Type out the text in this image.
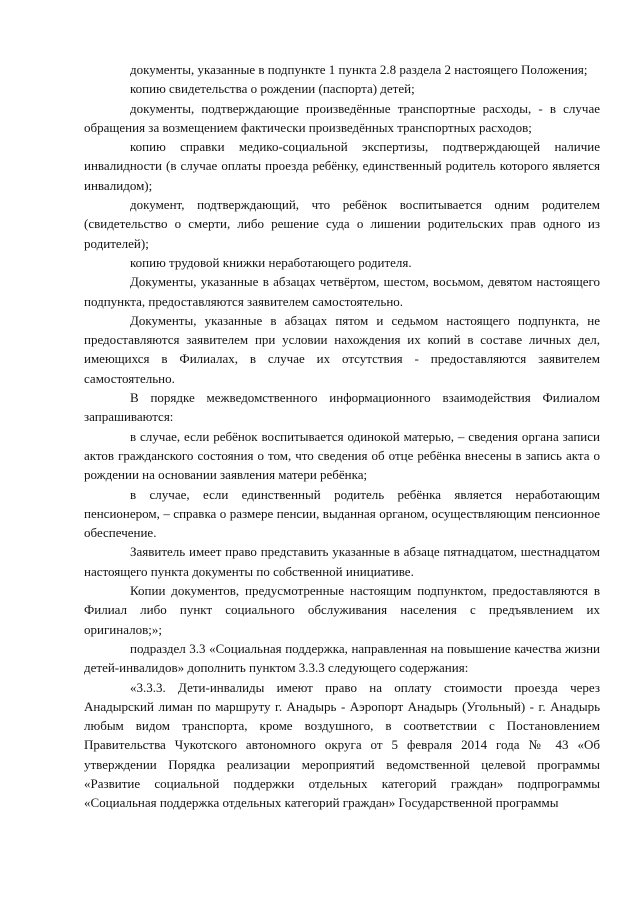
документы, указанные в подпункте 1 пункта 2.8 раздела 2 настоящего Положения;

копию свидетельства о рождении (паспорта) детей;

документы, подтверждающие произведённые транспортные расходы, - в случае обращения за возмещением фактически произведённых транспортных расходов;

копию справки медико-социальной экспертизы, подтверждающей наличие инвалидности (в случае оплаты проезда ребёнку, единственный родитель которого является инвалидом);

документ, подтверждающий, что ребёнок воспитывается одним родителем (свидетельство о смерти, либо решение суда о лишении родительских прав одного из родителей);

копию трудовой книжки неработающего родителя.

Документы, указанные в абзацах четвёртом, шестом, восьмом, девятом настоящего подпункта, предоставляются заявителем самостоятельно.

Документы, указанные в абзацах пятом и седьмом настоящего подпункта, не предоставляются заявителем при условии нахождения их копий в составе личных дел, имеющихся в Филиалах, в случае их отсутствия - предоставляются заявителем самостоятельно.

В порядке межведомственного информационного взаимодействия Филиалом запрашиваются:

в случае, если ребёнок воспитывается одинокой матерью, – сведения органа записи актов гражданского состояния о том, что сведения об отце ребёнка внесены в запись акта о рождении на основании заявления матери ребёнка;

в случае, если единственный родитель ребёнка является неработающим пенсионером, – справка о размере пенсии, выданная органом, осуществляющим пенсионное обеспечение.

Заявитель имеет право представить указанные в абзаце пятнадцатом, шестнадцатом настоящего пункта документы по собственной инициативе.

Копии документов, предусмотренные настоящим подпунктом, предоставляются в Филиал либо пункт социального обслуживания населения с предъявлением их оригиналов;»;

подраздел 3.3 «Социальная поддержка, направленная на повышение качества жизни детей-инвалидов» дополнить пунктом 3.3.3 следующего содержания:

«3.3.3. Дети-инвалиды имеют право на оплату стоимости проезда через Анадырский лиман по маршруту г. Анадырь - Аэропорт Анадырь (Угольный) - г. Анадырь любым видом транспорта, кроме воздушного, в соответствии с Постановлением Правительства Чукотского автономного округа от 5 февраля 2014 года № 43 «Об утверждении Порядка реализации мероприятий ведомственной целевой программы «Развитие социальной поддержки отдельных категорий граждан» подпрограммы «Социальная поддержка отдельных категорий граждан» Государственной программы
